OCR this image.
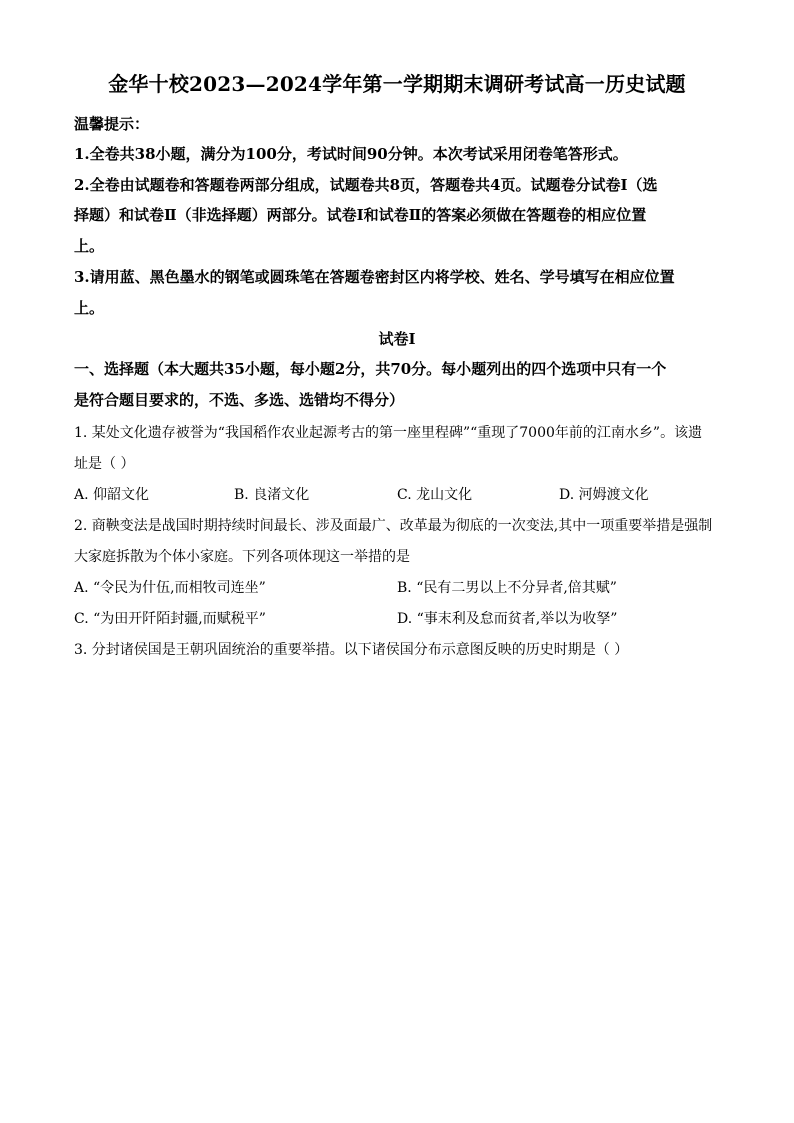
金华十校2023—2024学年第一学期期末调研考试高一历史试题
温馨提示：
1.全卷共38小题，满分为100分，考试时间90分钟。本次考试采用闭卷笔答形式。
2.全卷由试题卷和答题卷两部分组成，试题卷共8页，答题卷共4页。试题卷分试卷Ⅰ（选
择题）和试卷Ⅱ（非选择题）两部分。试卷Ⅰ和试卷Ⅱ的答案必须做在答题卷的相应位置
上。
3.请用蓝、黑色墨水的钢笔或圆珠笔在答题卷密封区内将学校、姓名、学号填写在相应位置
上。
试卷Ⅰ
一、选择题（本大题共35小题，每小题2分，共70分。每小题列出的四个选项中只有一个
是符合题目要求的，不选、多选、选错均不得分）
1. 某处文化遗存被誉为“我国稻作农业起源考古的第一座里程碑”“重现了7000年前的江南水乡”。该遗
址是（ ）
A. 仰韶文化	B. 良渚文化	C. 龙山文化	D. 河姆渡文化
2. 商鞅变法是战国时期持续时间最长、涉及面最广、改革最为彻底的一次变法,其中一项重要举措是强制
大家庭拆散为个体小家庭。下列各项体现这一举措的是
A. “令民为什伍,而相牧司连坐”	B. “民有二男以上不分异者,倍其赋”
C. “为田开阡陌封疆,而赋税平”	D. “事末利及怠而贫者,举以为收孥”
3. 分封诸侯国是王朝巩固统治的重要举措。以下诸侯国分布示意图反映的历史时期是（ ）
